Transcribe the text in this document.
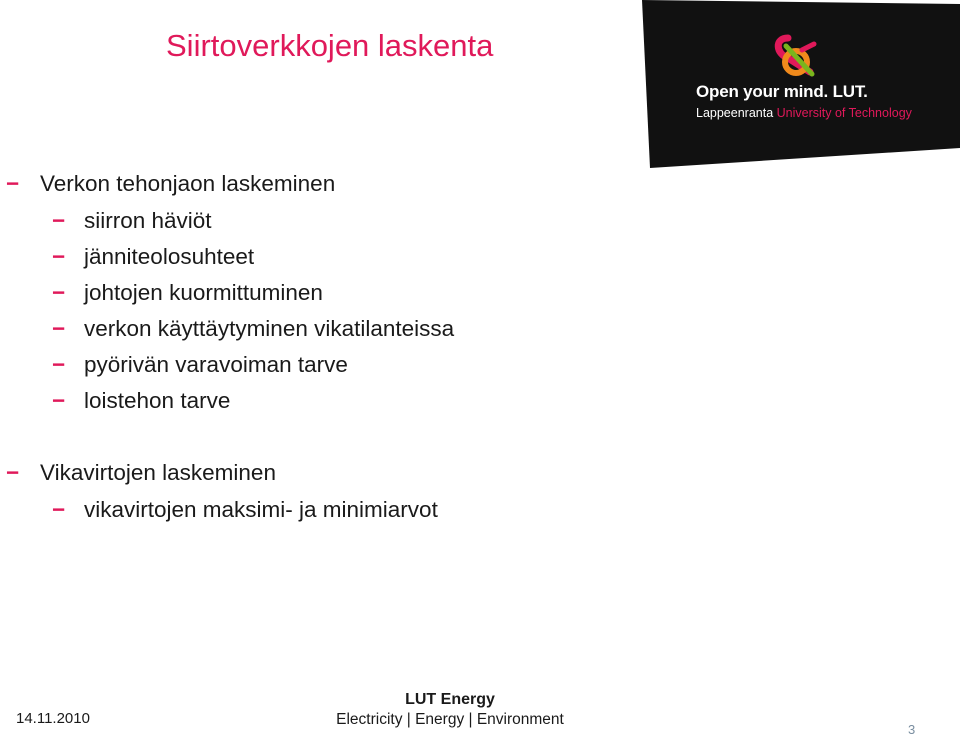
Siirtoverkkojen laskenta
Open your mind. LUT.
Lappeenranta University of Technology
− Verkon tehonjaon laskeminen
− siirron häviöt
− jänniteolosuhteet
− johtojen kuormittuminen
− verkon käyttäytyminen vikatilanteissa
− pyörivän varavoiman tarve
− loistehon tarve
− Vikavirtojen laskeminen
− vikavirtojen maksimi- ja minimiarvot
14.11.2010
LUT Energy
Electricity | Energy | Environment
3
